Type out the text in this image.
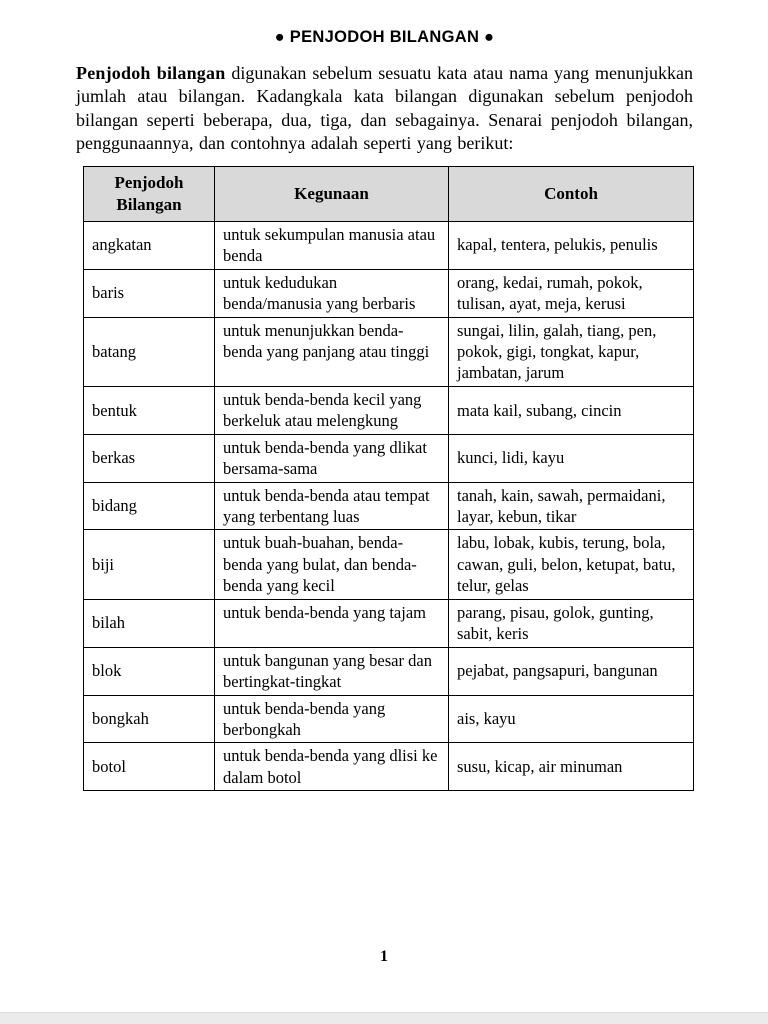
● PENJODOH BILANGAN ●

Penjodoh bilangan digunakan sebelum sesuatu kata atau nama yang menunjukkan jumlah atau bilangan. Kadangkala kata bilangan digunakan sebelum penjodoh bilangan seperti beberapa, dua, tiga, dan sebagainya. Senarai penjodoh bilangan, penggunaannya, dan contohnya adalah seperti yang berikut:

Penjodoh Bilangan	Kegunaan	Contoh
angkatan	untuk sekumpulan manusia atau benda	kapal, tentera, pelukis, penulis
baris	untuk kedudukan benda/manusia yang berbaris	orang, kedai, rumah, pokok, tulisan, ayat, meja, kerusi
batang	untuk menunjukkan benda-benda yang panjang atau tinggi	sungai, lilin, galah, tiang, pen, pokok, gigi, tongkat, kapur, jambatan, jarum
bentuk	untuk benda-benda kecil yang berkeluk atau melengkung	mata kail, subang, cincin
berkas	untuk benda-benda yang dlikat bersama-sama	kunci, lidi, kayu
bidang	untuk benda-benda atau tempat yang terbentang luas	tanah, kain, sawah, permaidani, layar, kebun, tikar
biji	untuk buah-buahan, benda-benda yang bulat, dan benda-benda yang kecil	labu, lobak, kubis, terung, bola, cawan, guli, belon, ketupat, batu, telur, gelas
bilah	untuk benda-benda yang tajam	parang, pisau, golok, gunting, sabit, keris
blok	untuk bangunan yang besar dan bertingkat-tingkat	pejabat, pangsapuri, bangunan
bongkah	untuk benda-benda yang berbongkah	ais, kayu
botol	untuk benda-benda yang dlisi ke dalam botol	susu, kicap, air minuman
1
